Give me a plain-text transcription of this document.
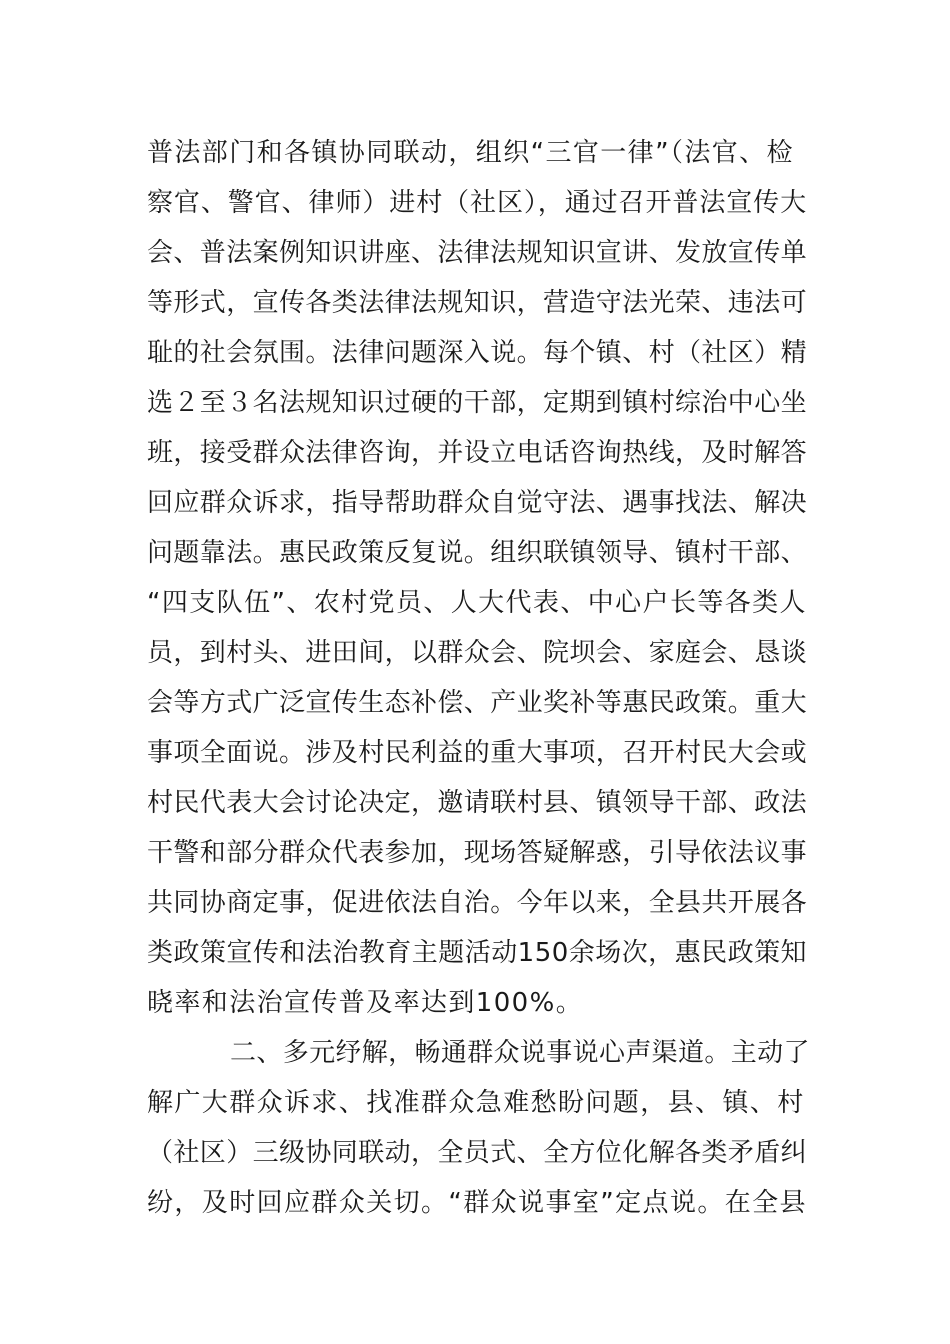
普法部门和各镇协同联动，组织“三官一律”（法官、检
察官、警官、律师）进村（社区），通过召开普法宣传大
会、普法案例知识讲座、法律法规知识宣讲、发放宣传单
等形式，宣传各类法律法规知识，营造守法光荣、违法可
耻的社会氛围。法律问题深入说。每个镇、村（社区）精
选２至３名法规知识过硬的干部，定期到镇村综治中心坐
班，接受群众法律咨询，并设立电话咨询热线，及时解答
回应群众诉求，指导帮助群众自觉守法、遇事找法、解决
问题靠法。惠民政策反复说。组织联镇领导、镇村干部、
“四支队伍”、农村党员、人大代表、中心户长等各类人
员，到村头、进田间，以群众会、院坝会、家庭会、恳谈
会等方式广泛宣传生态补偿、产业奖补等惠民政策。重大
事项全面说。涉及村民利益的重大事项，召开村民大会或
村民代表大会讨论决定，邀请联村县、镇领导干部、政法
干警和部分群众代表参加，现场答疑解惑，引导依法议事
共同协商定事，促进依法自治。今年以来，全县共开展各
类政策宣传和法治教育主题活动150余场次，惠民政策知
晓率和法治宣传普及率达到100%。
二、多元纾解，畅通群众说事说心声渠道。主动了
解广大群众诉求、找准群众急难愁盼问题，县、镇、村
（社区）三级协同联动，全员式、全方位化解各类矛盾纠
纷，及时回应群众关切。“群众说事室”定点说。在全县
